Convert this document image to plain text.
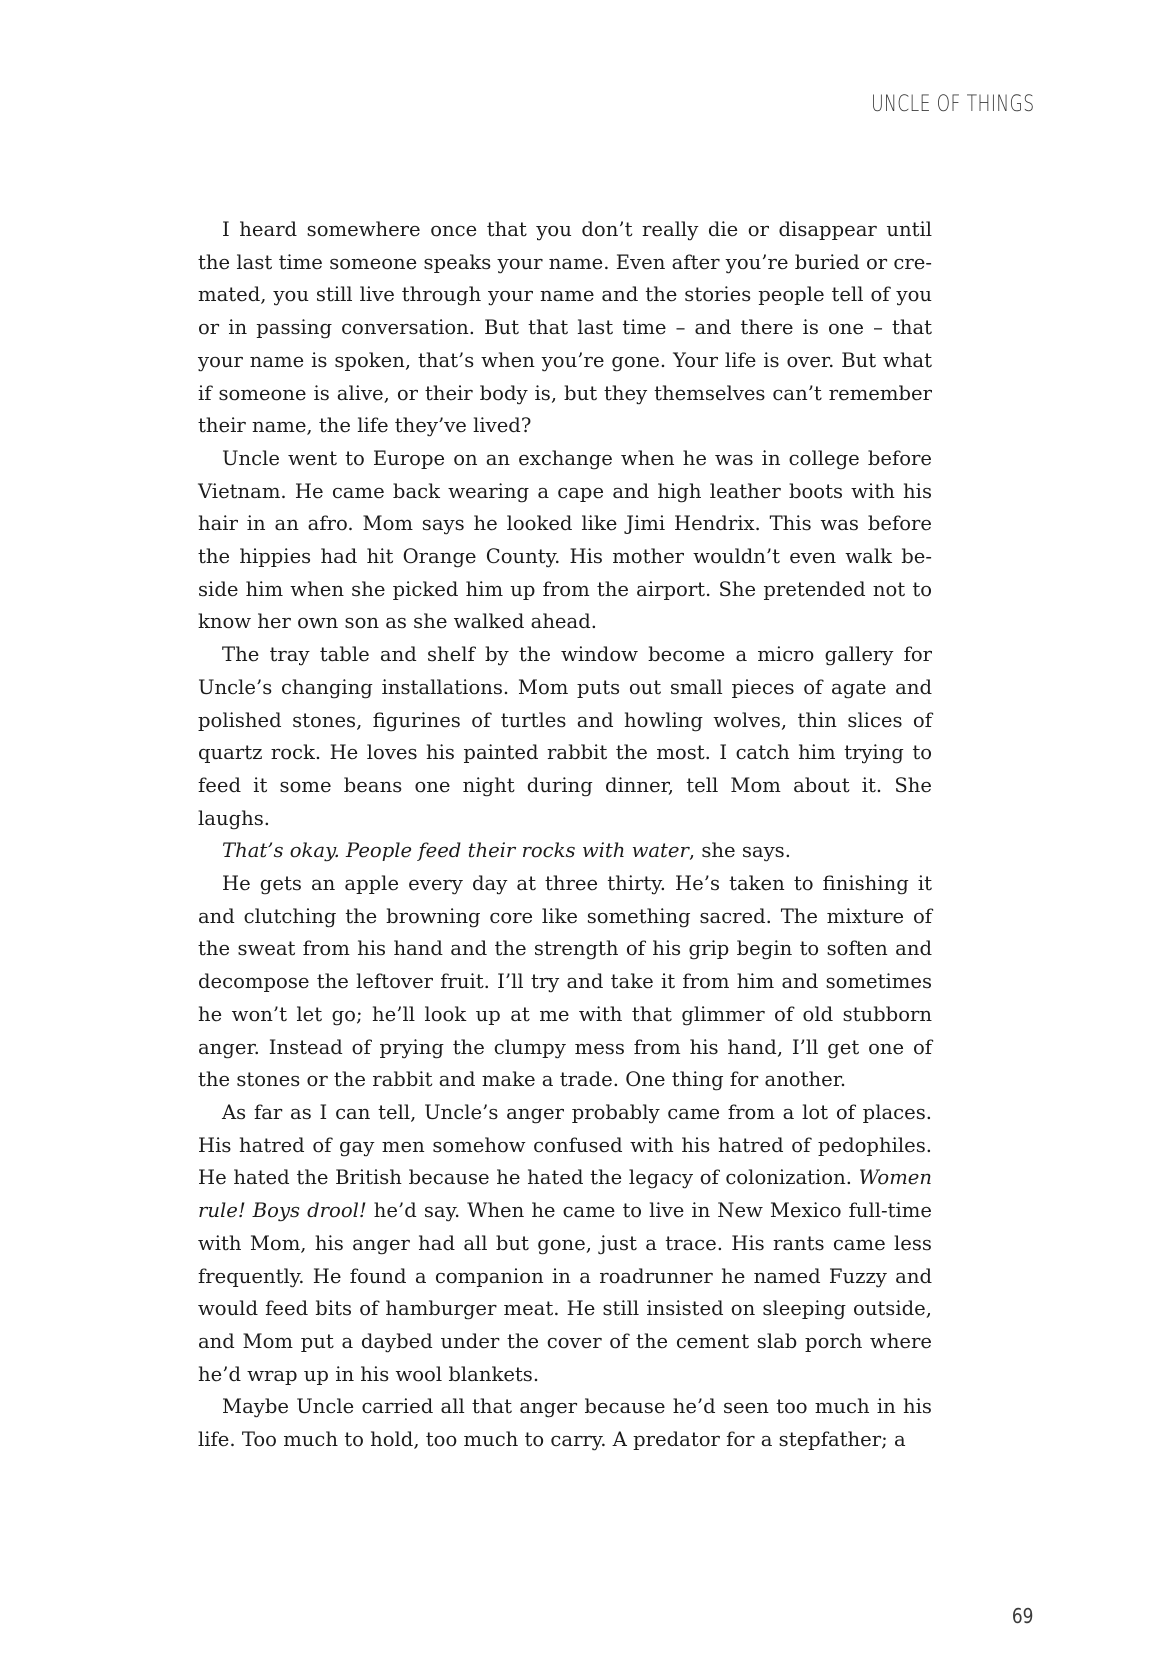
UNCLE OF THINGS

I heard somewhere once that you don’t really die or disappear until the last time someone speaks your name. Even after you’re buried or cremated, you still live through your name and the stories people tell of you or in passing conversation. But that last time – and there is one – that your name is spoken, that’s when you’re gone. Your life is over. But what if someone is alive, or their body is, but they themselves can’t remember their name, the life they’ve lived?

Uncle went to Europe on an exchange when he was in college before Vietnam. He came back wearing a cape and high leather boots with his hair in an afro. Mom says he looked like Jimi Hendrix. This was before the hippies had hit Orange County. His mother wouldn’t even walk beside him when she picked him up from the airport. She pretended not to know her own son as she walked ahead.

The tray table and shelf by the window become a micro gallery for Uncle’s changing installations. Mom puts out small pieces of agate and polished stones, figurines of turtles and howling wolves, thin slices of quartz rock. He loves his painted rabbit the most. I catch him trying to feed it some beans one night during dinner, tell Mom about it. She laughs.

That’s okay. People feed their rocks with water, she says.

He gets an apple every day at three thirty. He’s taken to finishing it and clutching the browning core like something sacred. The mixture of the sweat from his hand and the strength of his grip begin to soften and decompose the leftover fruit. I’ll try and take it from him and sometimes he won’t let go; he’ll look up at me with that glimmer of old stubborn anger. Instead of prying the clumpy mess from his hand, I’ll get one of the stones or the rabbit and make a trade. One thing for another.

As far as I can tell, Uncle’s anger probably came from a lot of places. His hatred of gay men somehow confused with his hatred of pedophiles. He hated the British because he hated the legacy of colonization. Women rule! Boys drool! he’d say. When he came to live in New Mexico full-time with Mom, his anger had all but gone, just a trace. His rants came less frequently. He found a companion in a roadrunner he named Fuzzy and would feed bits of hamburger meat. He still insisted on sleeping outside, and Mom put a daybed under the cover of the cement slab porch where he’d wrap up in his wool blankets.

Maybe Uncle carried all that anger because he’d seen too much in his life. Too much to hold, too much to carry. A predator for a stepfather; a

69
